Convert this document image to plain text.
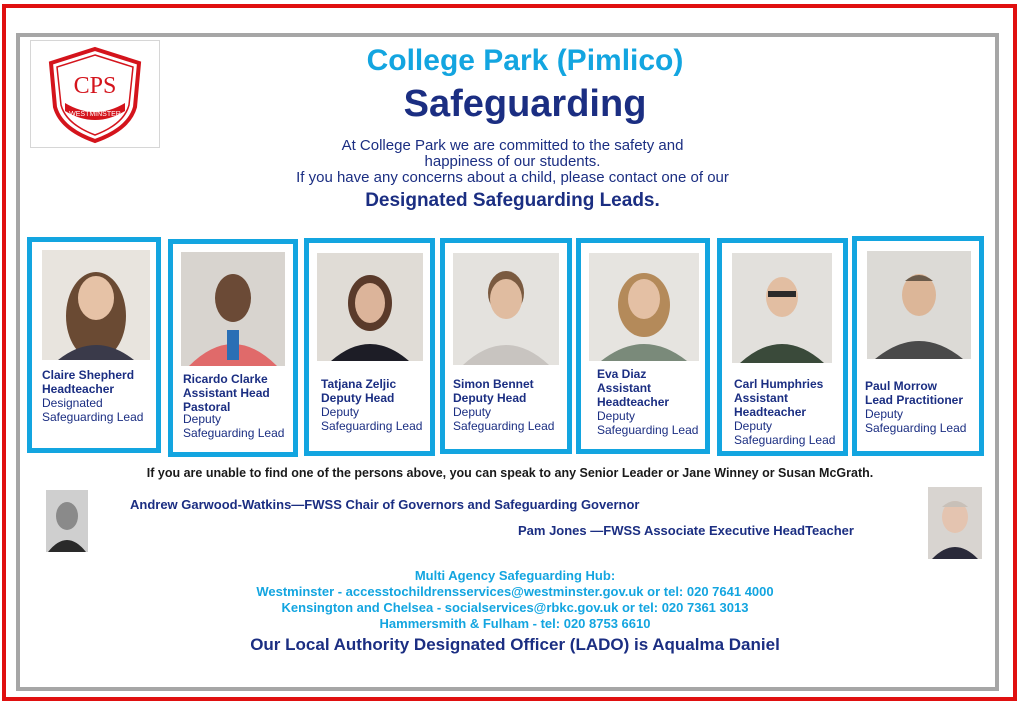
CPS
WESTMINSTER
College Park (Pimlico)
Safeguarding
At College Park we are committed to the safety and
happiness of our students.
If you have any concerns about a child, please contact one of our
Designated Safeguarding Leads.
Claire Shepherd
Headteacher
Designated
Safeguarding Lead
Ricardo Clarke
Assistant Head
Pastoral
Deputy
Safeguarding Lead
Tatjana Zeljic
Deputy Head
Deputy
Safeguarding Lead
Simon Bennet
Deputy Head
Deputy
Safeguarding Lead
Eva Diaz
Assistant
Headteacher
Deputy
Safeguarding Lead
Carl Humphries
Assistant
Headteacher
Deputy
Safeguarding Lead
Paul Morrow
Lead Practitioner
Deputy
Safeguarding Lead
If you are unable to find one of the persons above, you can speak to any Senior Leader or Jane Winney or Susan McGrath.
Andrew Garwood-Watkins—FWSS Chair of Governors and Safeguarding Governor
Pam Jones —FWSS Associate Executive HeadTeacher
Multi Agency Safeguarding Hub:
Westminster - accesstochildrensservices@westminster.gov.uk or tel: 020 7641 4000
Kensington and Chelsea - socialservices@rbkc.gov.uk or tel: 020 7361 3013
Hammersmith & Fulham - tel: 020 8753 6610
Our Local Authority Designated Officer (LADO) is Aqualma Daniel
